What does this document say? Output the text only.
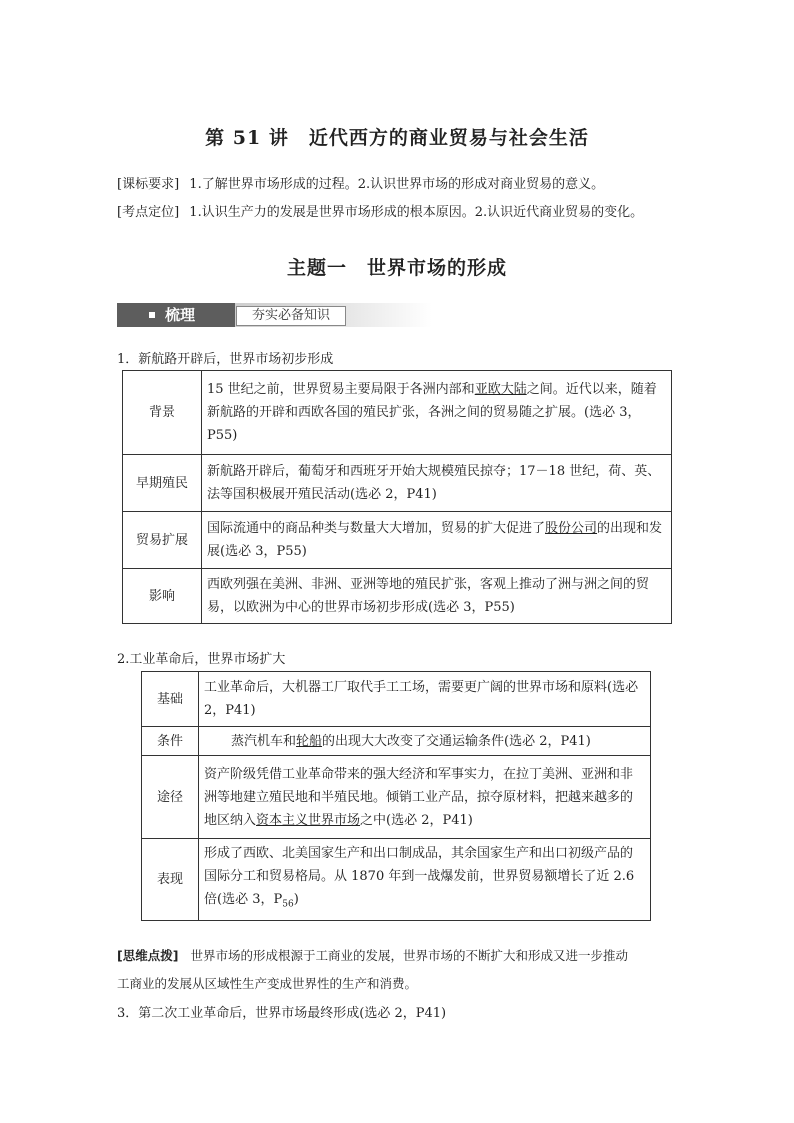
第 51 讲　近代西方的商业贸易与社会生活
[课标要求] 1.了解世界市场形成的过程。2.认识世界市场的形成对商业贸易的意义。
[考点定位] 1.认识生产力的发展是世界市场形成的根本原因。2.认识近代商业贸易的变化。
主题一　世界市场的形成
梳理	夯实必备知识
1．新航路开辟后，世界市场初步形成
背景	15 世纪之前，世界贸易主要局限于各洲内部和亚欧大陆之间。近代以来，随着新航路的开辟和西欧各国的殖民扩张，各洲之间的贸易随之扩展。(选必 3，P55)
早期殖民	新航路开辟后，葡萄牙和西班牙开始大规模殖民掠夺；17－18 世纪，荷、英、法等国积极展开殖民活动(选必 2，P41)
贸易扩展	国际流通中的商品种类与数量大大增加，贸易的扩大促进了股份公司的出现和发展(选必 3，P55)
影响	西欧列强在美洲、非洲、亚洲等地的殖民扩张，客观上推动了洲与洲之间的贸易，以欧洲为中心的世界市场初步形成(选必 3，P55)
2.工业革命后，世界市场扩大
基础	工业革命后，大机器工厂取代手工工场，需要更广阔的世界市场和原料(选必 2，P41)
条件	蒸汽机车和轮船的出现大大改变了交通运输条件(选必 2，P41)
途径	资产阶级凭借工业革命带来的强大经济和军事实力，在拉丁美洲、亚洲和非洲等地建立殖民地和半殖民地。倾销工业产品，掠夺原材料，把越来越多的地区纳入资本主义世界市场之中(选必 2，P41)
表现	形成了西欧、北美国家生产和出口制成品，其余国家生产和出口初级产品的国际分工和贸易格局。从 1870 年到一战爆发前，世界贸易额增长了近 2.6 倍(选必 3，$P_{56}$)
[思维点拨] 世界市场的形成根源于工商业的发展，世界市场的不断扩大和形成又进一步推动
工商业的发展从区域性生产变成世界性的生产和消费。
3．第二次工业革命后，世界市场最终形成(选必 2，P41)
